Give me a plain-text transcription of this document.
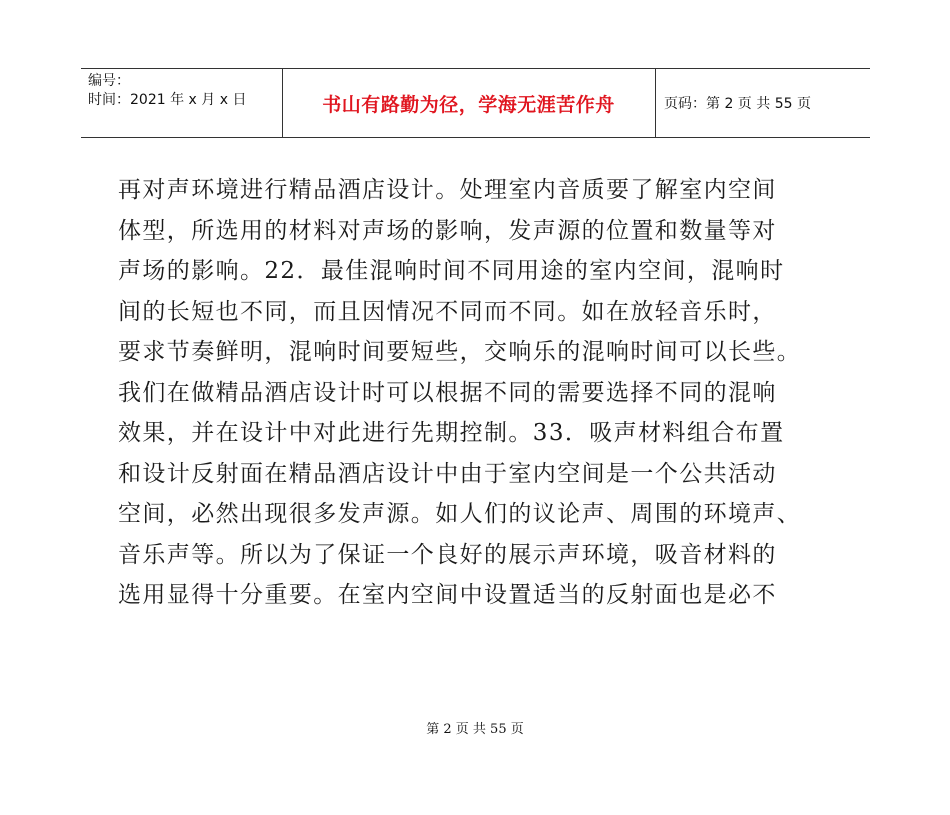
编号：
时间：2021 年 x 月 x 日	书山有路勤为径，学海无涯苦作舟	页码：第 2 页 共 55 页
再对声环境进行精品酒店设计。处理室内音质要了解室内空间
体型，所选用的材料对声场的影响，发声源的位置和数量等对
声场的影响。22．最佳混响时间不同用途的室内空间，混响时
间的长短也不同，而且因情况不同而不同。如在放轻音乐时，
要求节奏鲜明，混响时间要短些，交响乐的混响时间可以长些。
我们在做精品酒店设计时可以根据不同的需要选择不同的混响
效果，并在设计中对此进行先期控制。33．吸声材料组合布置
和设计反射面在精品酒店设计中由于室内空间是一个公共活动
空间，必然出现很多发声源。如人们的议论声、周围的环境声、
音乐声等。所以为了保证一个良好的展示声环境，吸音材料的
选用显得十分重要。在室内空间中设置适当的反射面也是必不
第 2 页 共 55 页
